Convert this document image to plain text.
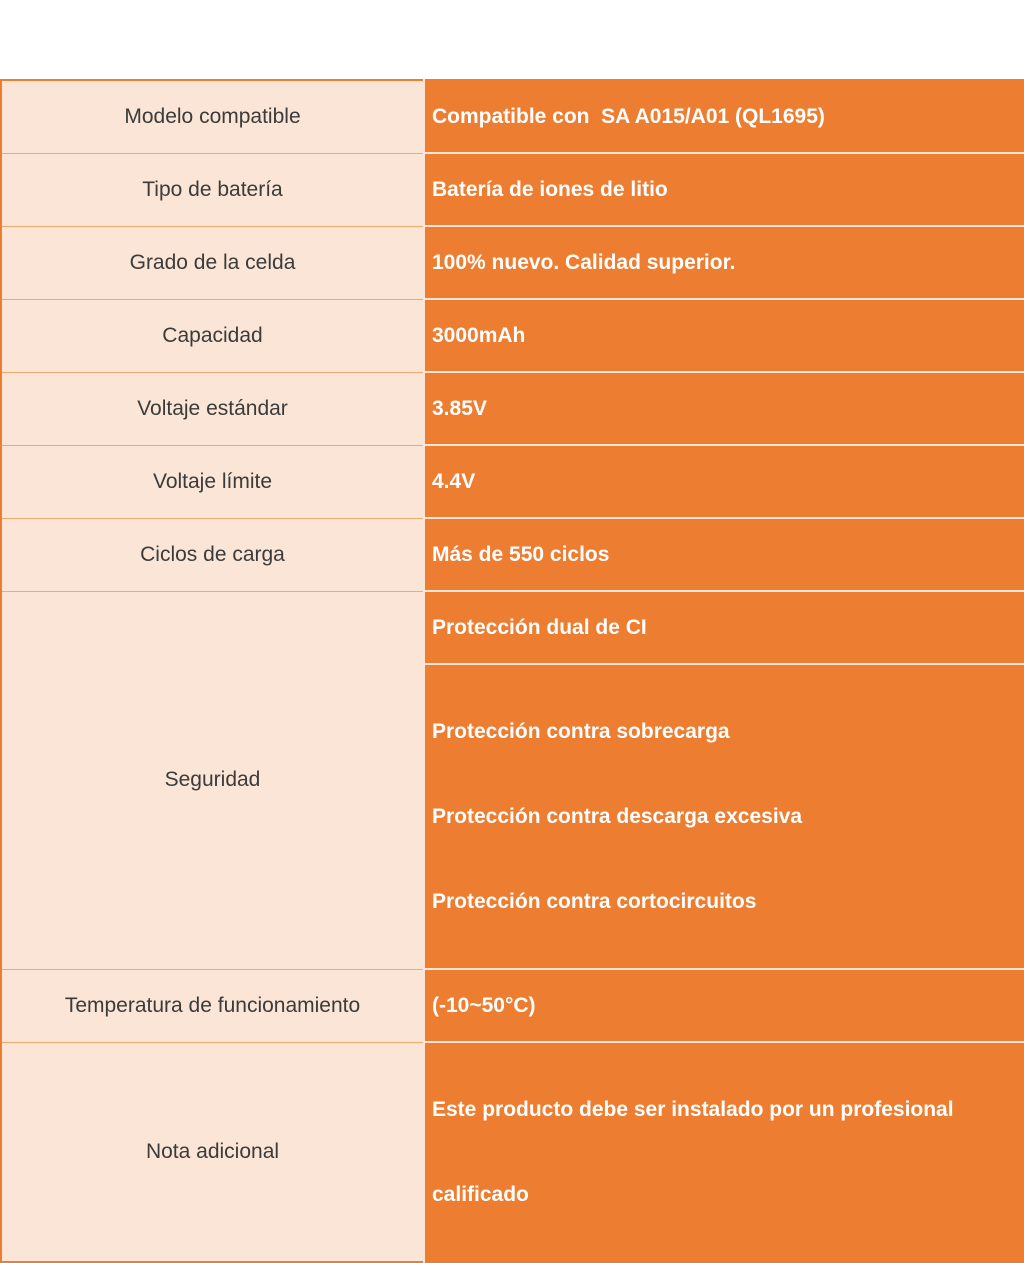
Modelo compatible	Compatible con  SA A015/A01 (QL1695)
Tipo de batería	Batería de iones de litio
Grado de la celda	100% nuevo. Calidad superior.
Capacidad	3000mAh
Voltaje estándar	3.85V
Voltaje límite	4.4V
Ciclos de carga	Más de 550 ciclos
Seguridad	Protección dual de CI

	Protección contra sobrecarga

Protección contra descarga excesiva

Protección contra cortocircuitos

Temperatura de funcionamiento	(-10~50°C)
Nota adicional	Este producto debe ser instalado por un profesional

calificado
